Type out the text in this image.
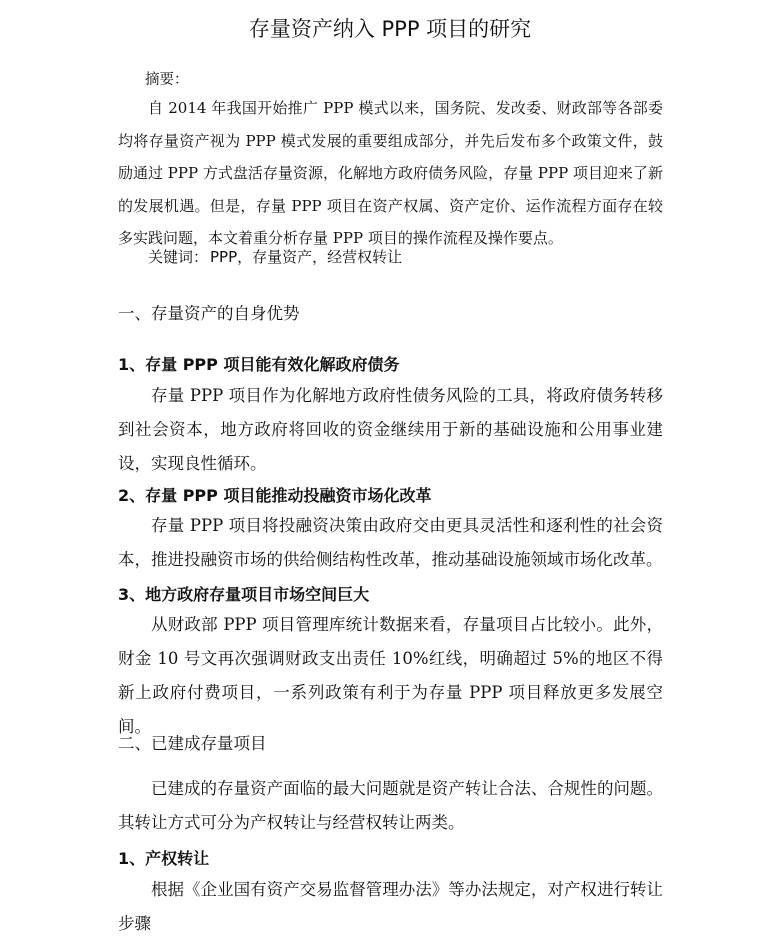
存量资产纳入 PPP 项目的研究
摘要：

自 2014 年我国开始推广 PPP 模式以来，国务院、发改委、财政部等各部委均将存量资产视为 PPP 模式发展的重要组成部分，并先后发布多个政策文件，鼓励通过 PPP 方式盘活存量资源，化解地方政府债务风险，存量 PPP 项目迎来了新的发展机遇。但是，存量 PPP 项目在资产权属、资产定价、运作流程方面存在较多实践问题，本文着重分析存量 PPP 项目的操作流程及操作要点。

关键词： PPP，存量资产，经营权转让
一、存量资产的自身优势
1、存量 PPP 项目能有效化解政府债务

存量 PPP 项目作为化解地方政府性债务风险的工具，将政府债务转移到社会资本，地方政府将回收的资金继续用于新的基础设施和公用事业建设，实现良性循环。

2、存量 PPP 项目能推动投融资市场化改革

存量 PPP 项目将投融资决策由政府交由更具灵活性和逐利性的社会资本，推进投融资市场的供给侧结构性改革，推动基础设施领域市场化改革。

3、地方政府存量项目市场空间巨大

从财政部 PPP 项目管理库统计数据来看，存量项目占比较小。此外，财金 10 号文再次强调财政支出责任 10%红线，明确超过 5%的地区不得新上政府付费项目，一系列政策有利于为存量 PPP 项目释放更多发展空间。

二、已建成存量项目

已建成的存量资产面临的最大问题就是资产转让合法、合规性的问题。其转让方式可分为产权转让与经营权转让两类。

1、产权转让

根据《企业国有资产交易监督管理办法》等办法规定，对产权进行转让步骤
